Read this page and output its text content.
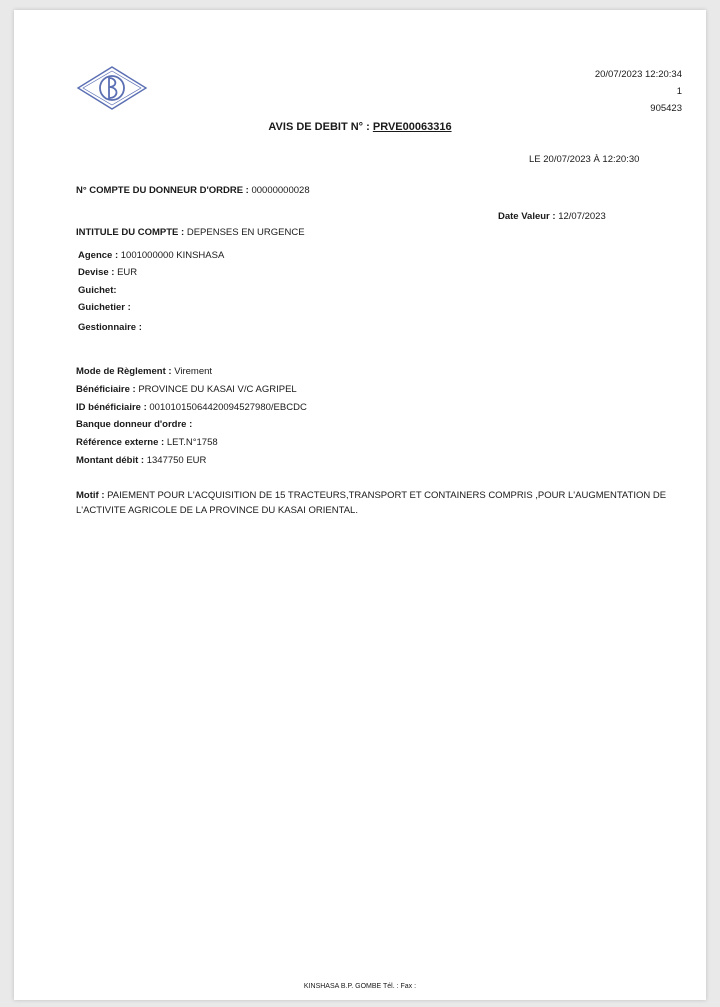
20/07/2023 12:20:34
1
905423
AVIS DE DEBIT N° : PRVE00063316
LE 20/07/2023 À 12:20:30
N° COMPTE DU DONNEUR D'ORDRE : 00000000028
Date Valeur : 12/07/2023
INTITULE DU COMPTE : DEPENSES EN URGENCE
Agence : 1001000000 KINSHASA
Devise : EUR
Guichet:
Guichetier :
Gestionnaire :
Mode de Règlement : Virement
Bénéficiaire : PROVINCE DU KASAI V/C AGRIPEL
ID bénéficiaire : 00101015064420094527980/EBCDC
Banque donneur d'ordre :
Référence externe : LET.N°1758
Montant débit : 1347750 EUR
Motif : PAIEMENT POUR L'ACQUISITION DE 15 TRACTEURS,TRANSPORT ET CONTAINERS COMPRIS ,POUR L'AUGMENTATION DE L'ACTIVITE AGRICOLE DE LA PROVINCE DU KASAI ORIENTAL.
KINSHASA B.P. GOMBE Tél. : Fax :
